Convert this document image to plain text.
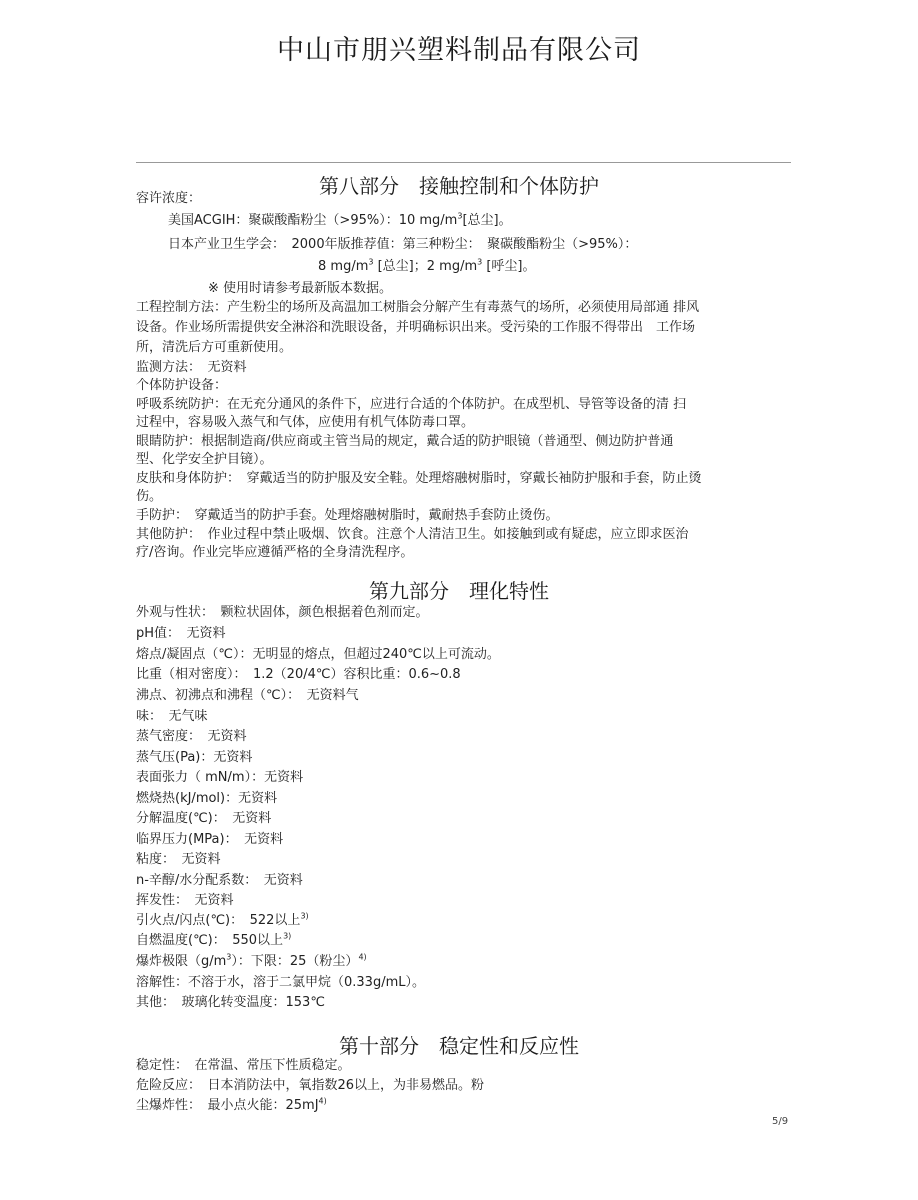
中山市朋兴塑料制品有限公司
第八部分　接触控制和个体防护
容许浓度：
美国ACGIH：聚碳酸酯粉尘（>95%）：10 $mg/m^3$[总尘]。
日本产业卫生学会：　2000年版推荐值：第三种粉尘：　聚碳酸酯粉尘（>95%）：
8 $mg/m^3$ [总尘]；2 $mg/m^3$ [呼尘]。
※ 使用时请参考最新版本数据。
工程控制方法：产生粉尘的场所及高温加工树脂会分解产生有毒蒸气的场所，必须使用局部通 排风
设备。作业场所需提供安全淋浴和洗眼设备，并明确标识出来。受污染的工作服不得带出　工作场
所，清洗后方可重新使用。
监测方法：　无资料
个体防护设备：
呼吸系统防护：在无充分通风的条件下，应进行合适的个体防护。在成型机、导管等设备的清 扫
过程中，容易吸入蒸气和气体，应使用有机气体防毒口罩。
眼睛防护：根据制造商/供应商或主管当局的规定，戴合适的防护眼镜（普通型、侧边防护普通
型、化学安全护目镜）。
皮肤和身体防护：　穿戴适当的防护服及安全鞋。处理熔融树脂时，穿戴长袖防护服和手套，防止烫
伤。
手防护：　穿戴适当的防护手套。处理熔融树脂时，戴耐热手套防止烫伤。
其他防护：　作业过程中禁止吸烟、饮食。注意个人清洁卫生。如接触到或有疑虑，应立即求医治
疗/咨询。作业完毕应遵循严格的全身清洗程序。
第九部分　理化特性
外观与性状：　颗粒状固体，颜色根据着色剂而定。
pH值：　无资料
熔点/凝固点（℃）：无明显的熔点，但超过240℃以上可流动。
比重（相对密度）：　1.2（20/4℃）容积比重：0.6~0.8
沸点、初沸点和沸程（℃）：　无资料气
味：　无气味
蒸气密度：　无资料
蒸气压(Pa)：无资料
表面张力（ mN/m）：无资料
燃烧热(kJ/mol)：无资料
分解温度(℃)：　无资料
临界压力(MPa)：　无资料
粘度：　无资料
n-辛醇/水分配系数：　无资料
挥发性：　无资料
引火点/闪点(℃)：　522以上$^{3)}$
自燃温度(℃)：　550以上$^{3)}$
爆炸极限$(g/m^3)$：下限：25（粉尘）$^{4)}$
溶解性：不溶于水，溶于二氯甲烷（0.33g/mL）。
其他：　玻璃化转变温度：153℃
第十部分　稳定性和反应性
稳定性：　在常温、常压下性质稳定。
危险反应：　日本消防法中，氧指数26以上，为非易燃品。粉
尘爆炸性：　最小点火能：$25mJ^{4)}$
5/9
